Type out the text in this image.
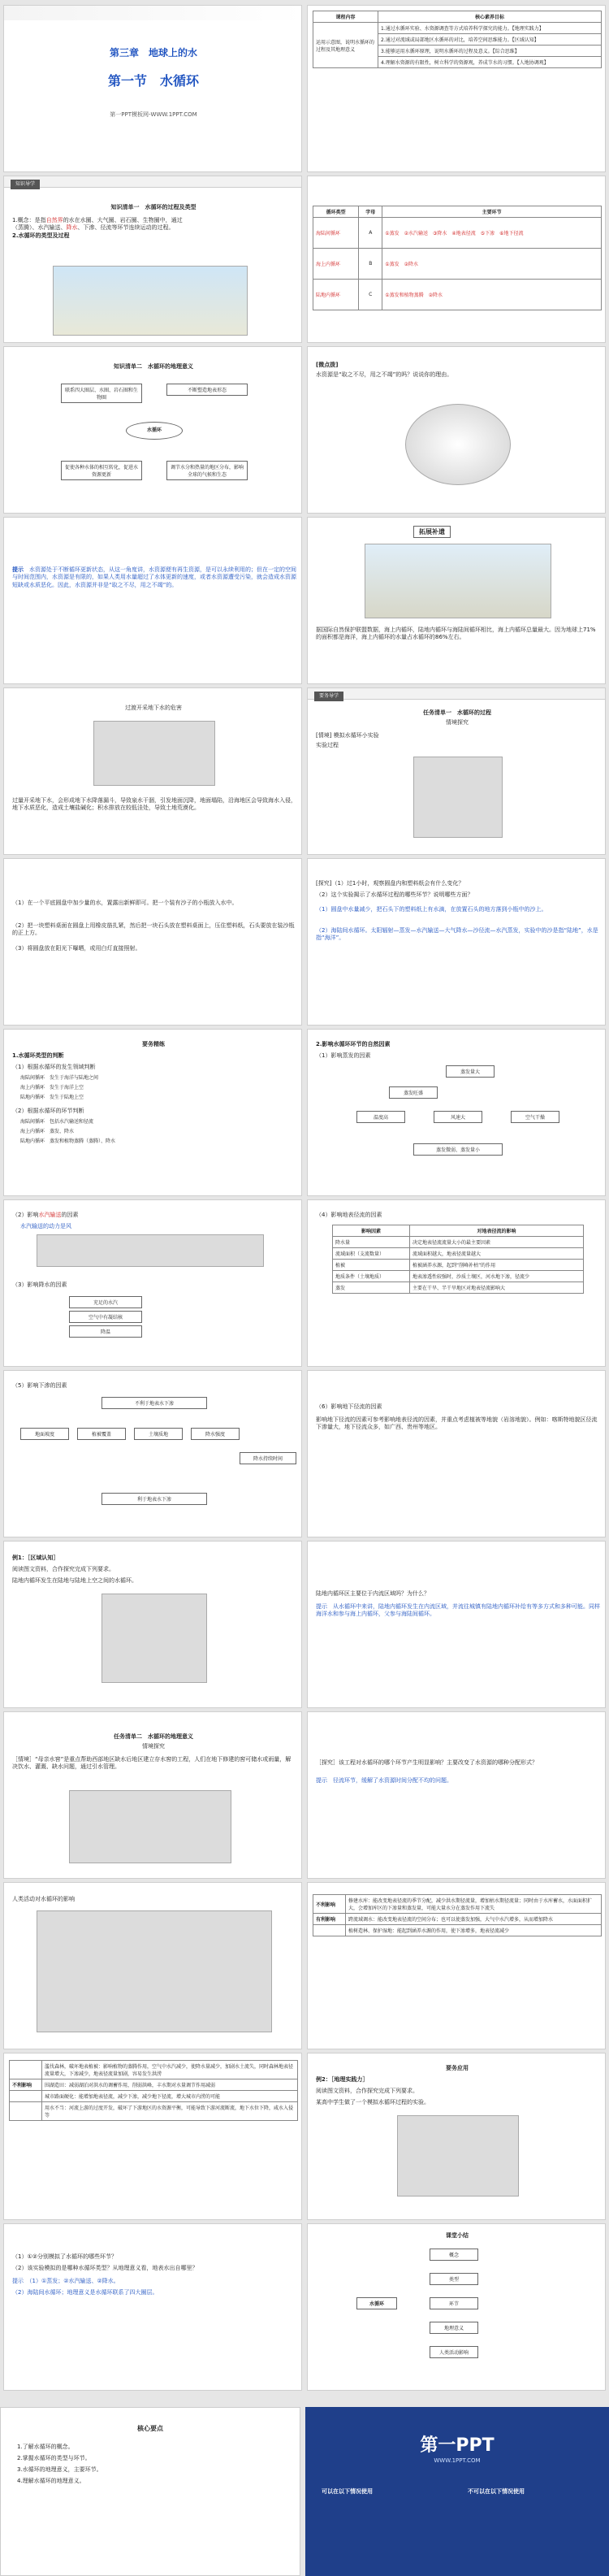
第三章　地球上的水
第一节　水循环
第一PPT模板网-WWW.1PPT.COM
课程内容	核心素养目标
运用示意图，说明水循环的过程及其地理意义	1.通过水循环实验、水资源调查等方式培养科学探究的能力。【地理实践力】
	2.通过对流域或局部地区水循环的对比，培养空间思维能力。【区域认知】
	3.能够运用水循环原理，说明水循环的过程及意义。【综合思维】
	4.理解水资源的有限性，树立科学的资源观，养成节水的习惯。【人地协调观】
知识导学
知识清单一　水循环的过程及类型
1.概念：是指自然界的水在水圈、大气圈、岩石圈、生物圈中，通过
（蒸腾）、水汽输送、降水、下渗、径流等环节连续运动的过程。
2.水循环的类型及过程
循环类型	字母	主要环节
海陆间循环	A	①蒸发　②水汽输送　③降水　④地表径流　⑤下渗　⑥地下径流
海上内循环	B	①蒸发　②降水
陆地内循环	C	①蒸发和植物蒸腾　②降水
知识清单二　水循环的地理意义
联系四大圈层、水圈、岩石圈和生物圈
不断塑造地表形态
水循环
促使各种水体的相互转化，促进水资源更新
调节水分和热量的地区分布，影响全球的气候和生态
[微点拨]
水资源是“取之不尽，用之不竭”的吗？说说你的理由。
提示　 水资源处于不断循环更新状态，从这一角度讲，水资源便有再生资源，是可以永续利用的；但在一定的空间与时间范围内，水资源是有限的，如果人类用水量超过了水体更新的速度，或者水资源遭受污染，就会造成水资源短缺或水质恶化。因此，水资源并非是“取之不尽，用之不竭”的。
拓展补遗
据国际自然保护联盟数据，海上内循环，陆地内循环与海陆间循环相比，海上内循环总量最大。因为地球上71%的面积都是海洋，海上内循环的水量占水循环的86%左右。
过渡开采地下水的危害
过量开采地下水，会形成地下水降落漏斗，导致泉水干涸，引发地面沉降，地面塌陷，沿海地区会导致海水入侵，地下水质恶化，造成土壤盐碱化；积水排放在较低洼处，导致土地荒漠化。
要务导学
任务清单一　水循环的过程
情境探究
[情境] 模拟水循环小实验
实验过程
（1）在一个平底圆盘中加少量的水，置露出新鲜即可。把一个装有沙子的小瓶放入水中。
（2）把一块塑料桌面在圆盘上用橡皮筋扎紧，然后把一块石头放在塑料桌面上，压住塑料纸，石头要放在装沙瓶的正上方。
（3）将圆盘放在阳光下曝晒，或用白灯直接照射。
[探究]（1）过1小时，观察圆盘内和塑料纸会有什么变化？
（2）这个实验揭示了水循环过程的哪些环节？说明哪些方面？
（1）圆盘中水量减少，把石头下的塑料纸上有水滴，在放置石头的地方落到小瓶中的沙上。
（2）海陆间水循环。太阳辐射—蒸发—水汽输送—大气降水—沙径流—水汽蒸发，实验中的沙是指“陆地”，水是指“海洋”。
要务精练
1.水循环类型的判断
（1）根据水循环的发生领域判断
海陆间循环　发生于海洋与陆地之间
海上内循环　发生于海洋上空
陆地内循环　发生于陆地上空
（2）根据水循环的环节判断
海陆间循环　包括水汽输送和径流
海上内循环　蒸发、降水
陆地内循环　蒸发和植物蒸腾（蒸腾）、降水
2.影响水循环环节的自然因素
（1）影响蒸发的因素
蒸发量大
蒸发旺盛
温度高	风速大	空气干燥
蒸发微弱、蒸发量小
（2）影响水汽输送的因素
水汽输送的动力是风
（3）影响降水的因素
充足的水汽
空气中有凝结核
降温
（4）影响地表径流的因素
影响因素	对地表径流的影响
降水量	决定地表径流流量大小的最主要因素
流域面积（支流数量）	流域面积越大，地表径流量越大
植被	植被涵养水源，起到“削峰补枯”的作用
地质条件（土壤地质）	地表渗透性较强时，沙质土壤区，河水地下渗，径流少
蒸发	主要在干旱、半干旱地区对地表径流影响大
（5）影响下渗的因素
不利于地表水下渗
地面坡度	植被覆盖	土壤质地	降水强度
降水持续时间
利于地表水下渗
（6）影响地下径流的因素
影响地下径流的因素可参考影响地表径流的因素，并重点考虑植被等地貌（岩溶地貌）。例如：喀斯特地貌区径流下渗量大，地下径流众多，如广西、贵州等地区。
例1：［区域认知］
阅读图文资料，合作探究完成下列要求。
陆地内循环发生在陆地与陆地上空之间的水循环。
陆地内循环区主要位于内流区域吗？为什么？
提示　从水循环中来讲，陆地内循环发生在内流区域，并流往城镇有陆地内循环补给有等多方式和多种可能。同样海洋水和参与海上内循环，父参与海陆间循环。
任务清单二　水循环的地理意义
情境探究
［情境］“母亲水窖”是重点帮助西部地区缺水后地区建立存水窖的工程，人们在地下修建的窖可储水或雨量，解决饮水、灌溉、缺水问题，通过引水管理。
［探究］该工程对水循环的哪个环节产生明显影响？主要改变了水资源的哪种分配形式？
提示　径流环节，缓解了水资源时间分配不均的问题。
人类活动对水循环的影响
不利影响	修建水库：能改变地表径流的季节分配，减少洪水期径流量，增加枯水期径流量；同时由于水库蓄水，水面面积扩大，会增加库区的下渗量和蒸发量，可能大量水分在蒸发作用下流失
有利影响	跨流域调水：能改变地表径流的空间分布；也可以使蒸发加强，大气中水汽增多，从而增加降水
	植树造林、保护湿地：能起到涵养水源的作用，使下渗增多，地表径流减少
	滥伐森林，破坏地表植被：影响植物的蒸腾作用，空气中水汽减少，使降水量减少，加剧水土流失，同时森林地表径流量增大，下渗减少，地表径流量加剧，容易发生洪涝
不利影响	围湖造田：减弱湖泊对洪水的调蓄作用，削弱洪峰，丰水期对水量调节作用减弱
	城市路面硬化：能增加地表径流，减少下渗，减少地下径流，增大城市内涝的可能
	用水不当：河流上游的过度开发，破坏了下游地区的水资源平衡，可能导致下游河流断流，地下水位下降，咸水入侵等
要务应用
例2：［地理实践力］
阅读图文资料，合作探究完成下列要求。
某高中学生做了一个模拟水循环过程的实验。
（1）①②分别模拟了水循环的哪些环节？
（2）该实验模拟的是哪种水循环类型？从地理意义看，地表水出自哪里？
提示　（1）①蒸发；②水汽输送、②降水。
（2）海陆间水循环；地理意义是水循环联系了四大圈层。
课堂小结
水循环
概念
类型
环节
地理意义
人类活动影响
核心要点
1.了解水循环的概念。
2.掌握水循环的类型与环节。
3.水循环的地理意义，主要环节。
4.理解水循环的地理意义。
第一PPT
WWW.1PPT.COM
可以在以下情况使用	不可以在以下情况使用
